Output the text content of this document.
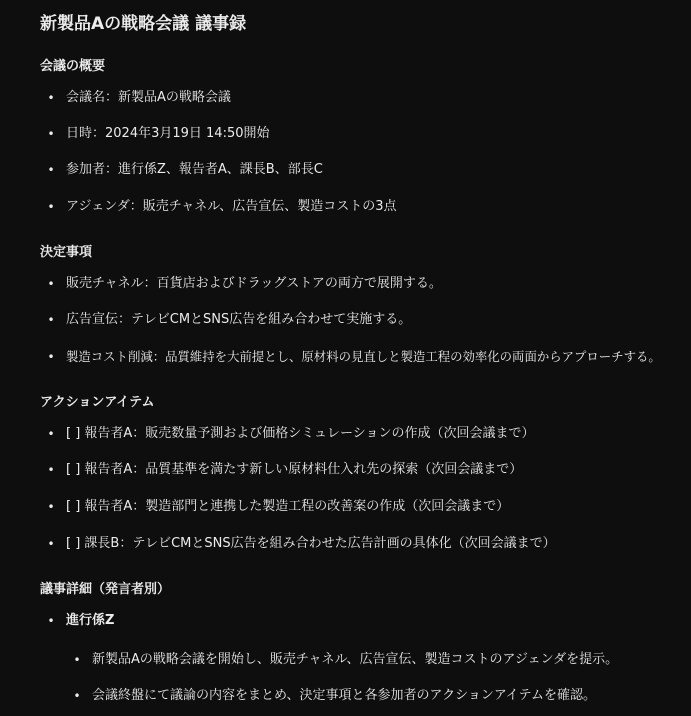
新製品Aの戦略会議 議事録
会議の概要
• 会議名：新製品Aの戦略会議
• 日時：2024年3月19日 14:50開始
• 参加者：進行係Z、報告者A、課長B、部長C
• アジェンダ：販売チャネル、広告宣伝、製造コストの3点
決定事項
• 販売チャネル：百貨店およびドラッグストアの両方で展開する。
• 広告宣伝：テレビCMとSNS広告を組み合わせて実施する。
• 製造コスト削減：品質維持を大前提とし、原材料の見直しと製造工程の効率化の両面からアプローチする。
アクションアイテム
• [ ] 報告者A：販売数量予測および価格シミュレーションの作成（次回会議まで）
• [ ] 報告者A：品質基準を満たす新しい原材料仕入れ先の探索（次回会議まで）
• [ ] 報告者A：製造部門と連携した製造工程の改善案の作成（次回会議まで）
• [ ] 課長B：テレビCMとSNS広告を組み合わせた広告計画の具体化（次回会議まで）
議事詳細（発言者別）
• 進行係Z
• 新製品Aの戦略会議を開始し、販売チャネル、広告宣伝、製造コストのアジェンダを提示。
• 会議終盤にて議論の内容をまとめ、決定事項と各参加者のアクションアイテムを確認。
